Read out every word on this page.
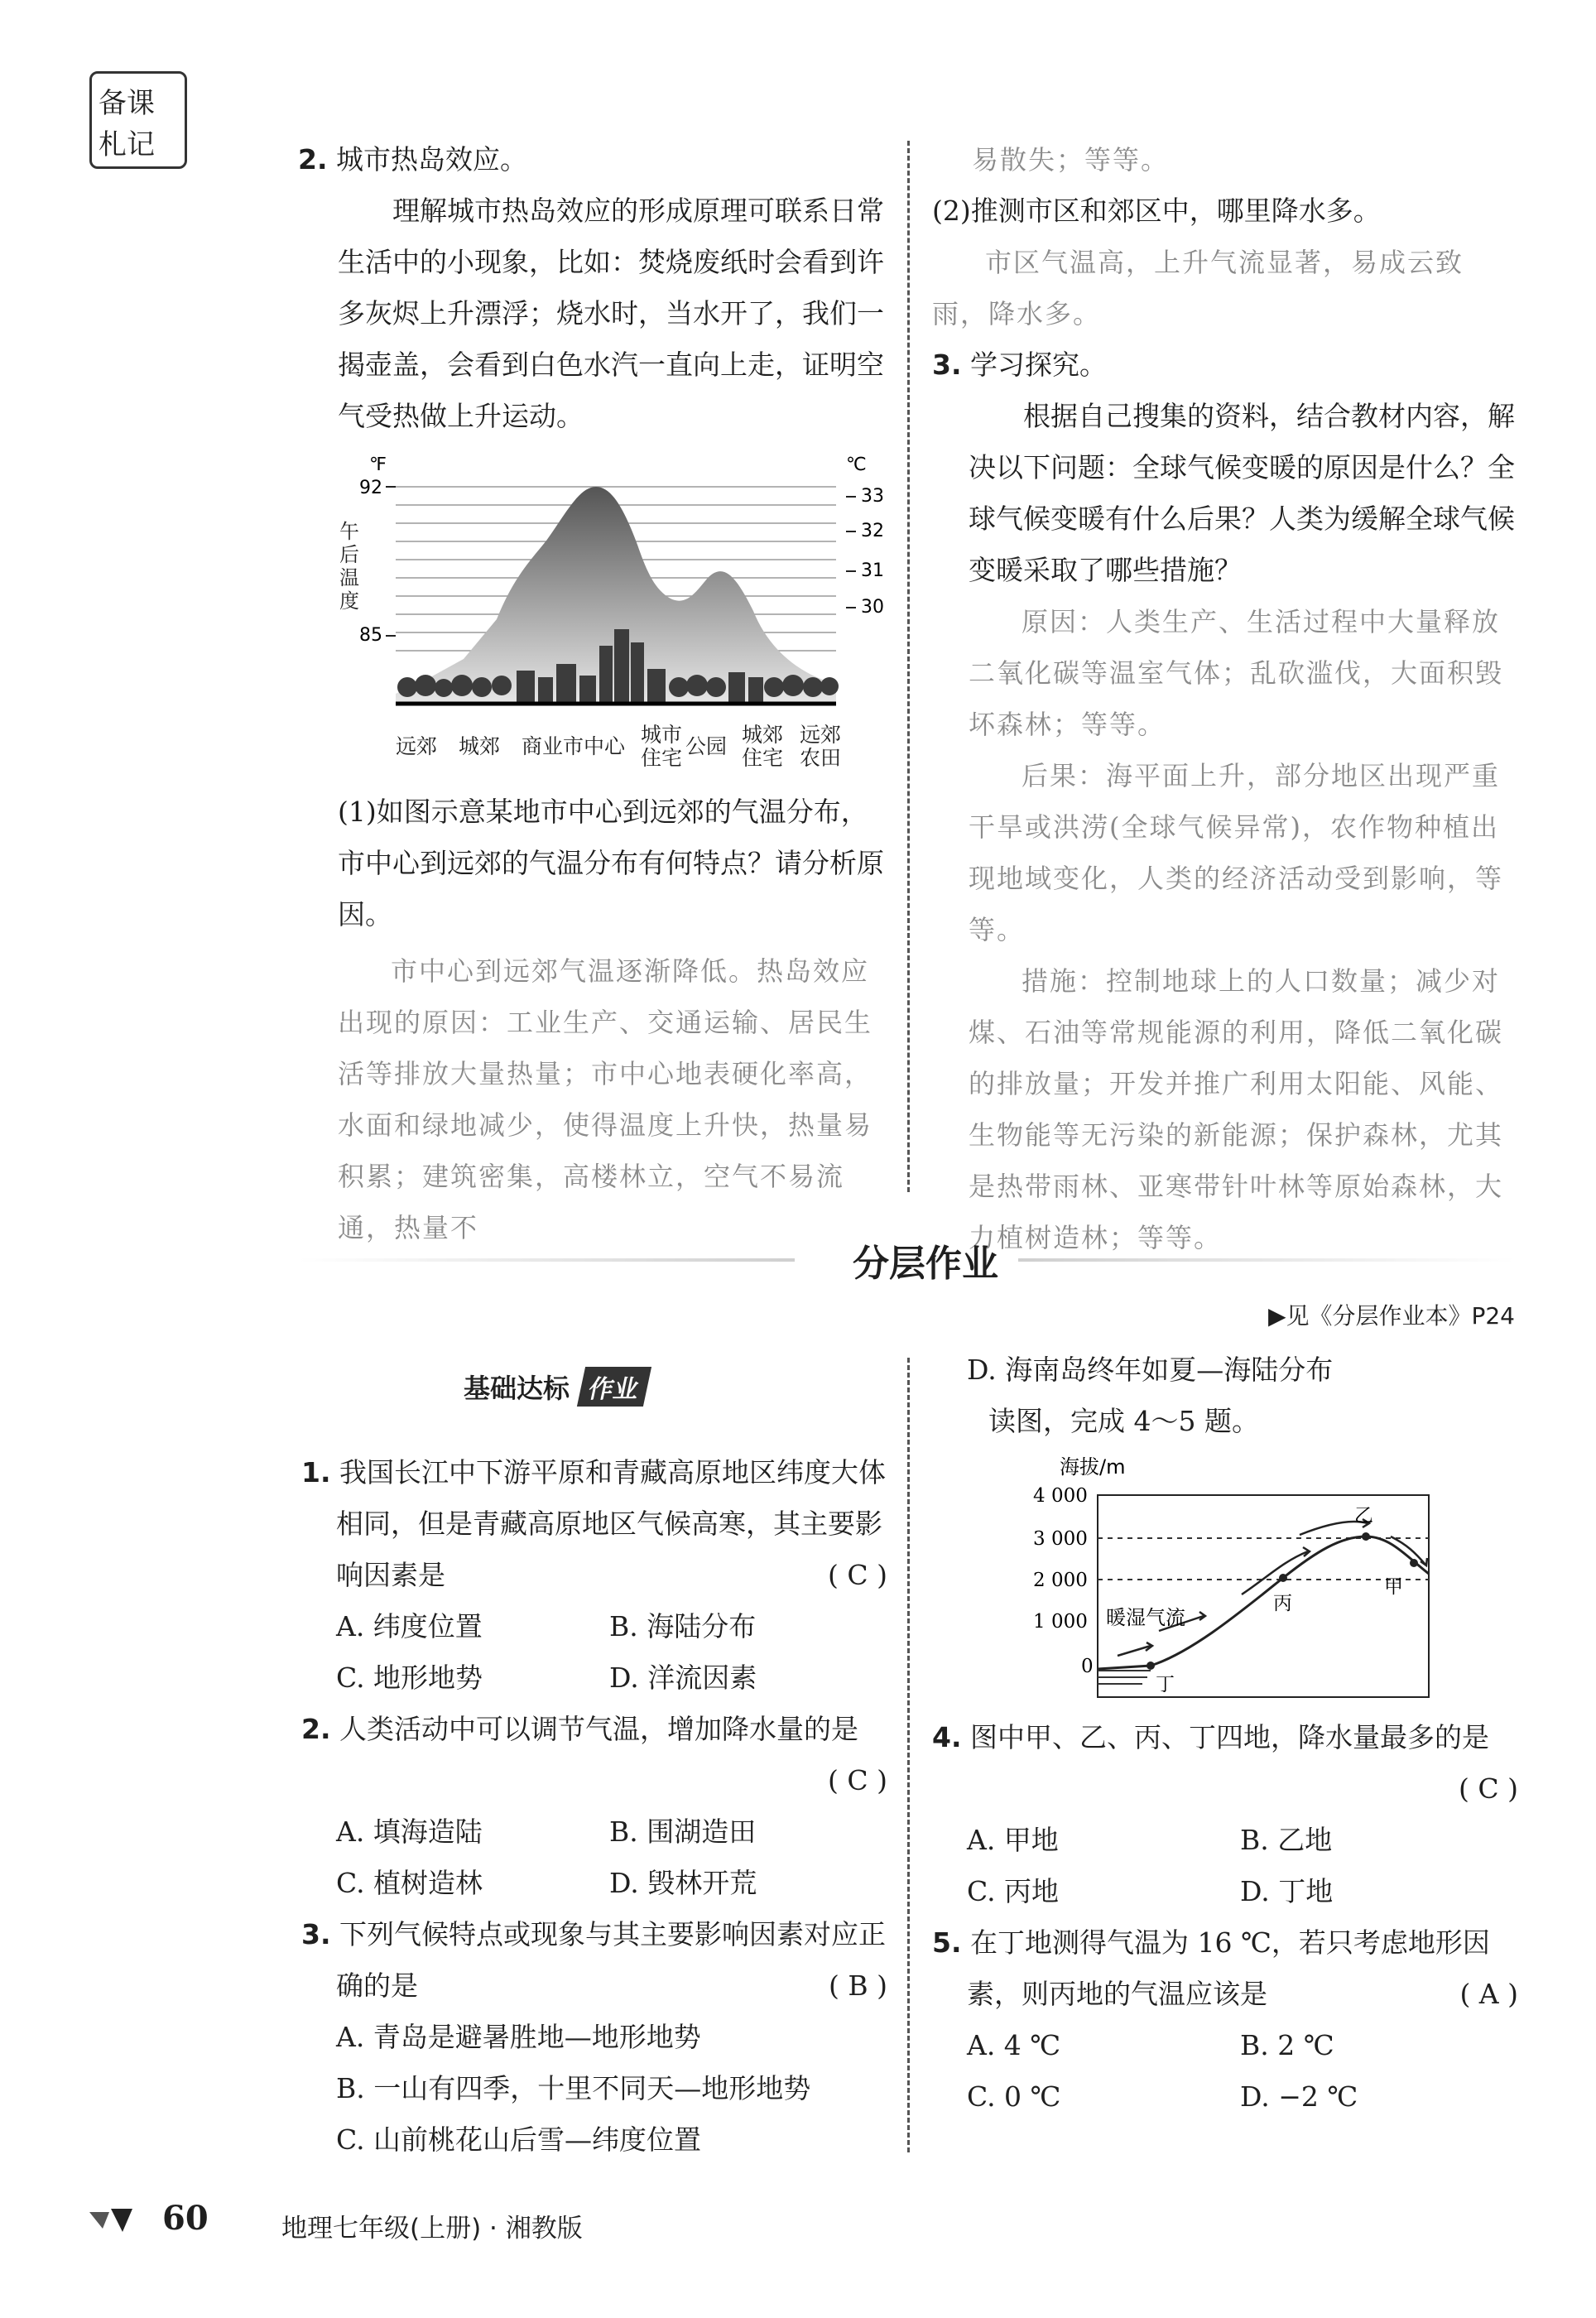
备课
札记	2. 城市热岛效应。

理解城市热岛效应的形成原理可联系日常生活中的小现象，比如：焚烧废纸时会看到许多灰烬上升漂浮；烧水时，当水开了，我们一揭壶盖，会看到白色水汽一直向上走，证明空气受热做上升运动。

℉	℃
92
85
33
32
31
30
午后温度
远郊 城郊 商业市中心 城市住宅 公园 城郊住宅
远郊农田

(1)如图示意某地市中心到远郊的气温分布，市中心到远郊的气温分布有何特点？请分析原因。

市中心到远郊气温逐渐降低。热岛效应出现的原因：工业生产、交通运输、居民生活等排放大量热量；市中心地表硬化率高，水面和绿地减少，使得温度上升快，热量易积累；建筑密集，高楼林立，空气不易流通，热量不

易散失；等等。

(2)推测市区和郊区中，哪里降水多。

市区气温高，上升气流显著，易成云致雨，降水多。

3. 学习探究。

根据自己搜集的资料，结合教材内容，解决以下问题：全球气候变暖的原因是什么？全球气候变暖有什么后果？人类为缓解全球气候变暖采取了哪些措施？

原因：人类生产、生活过程中大量释放二氧化碳等温室气体；乱砍滥伐，大面积毁坏森林；等等。

后果：海平面上升，部分地区出现严重干旱或洪涝(全球气候异常)，农作物种植出现地域变化，人类的经济活动受到影响，等等。

措施：控制地球上的人口数量；减少对煤、石油等常规能源的利用，降低二氧化碳的排放量；开发并推广利用太阳能、风能、生物能等无污染的新能源；保护森林，尤其是热带雨林、亚寒带针叶林等原始森林，大力植树造林；等等。

分层作业
▶见《分层作业本》P24
基础达标 作业

1. 我国长江中下游平原和青藏高原地区纬度大体相同，但是青藏高原地区气候高寒，其主要影响因素是	( C )

A. 纬度位置	B. 海陆分布
C. 地形地势	D. 洋流因素

2. 人类活动中可以调节气温，增加降水量的是

( C )

A. 填海造陆	B. 围湖造田
C. 植树造林	D. 毁林开荒

3. 下列气候特点或现象与其主要影响因素对应正确的是	( B )

A. 青岛是避暑胜地—地形地势
B. 一山有四季，十里不同天—地形地势
C. 山前桃花山后雪—纬度位置

D. 海南岛终年如夏—海陆分布

读图，完成 4～5 题。

海拔/m
4 000
3 000
2 000
1 000
0
暖湿气流
甲
乙
丙
丁

4. 图中甲、乙、丙、丁四地，降水量最多的是

( C )

A. 甲地	B. 乙地
C. 丙地	D. 丁地

5. 在丁地测得气温为 16 ℃，若只考虑地形因素，则丙地的气温应该是	( A )

A. 4 ℃	B. 2 ℃
C. 0 ℃	D. −2 ℃
60	地理七年级(上册) · 湘教版
